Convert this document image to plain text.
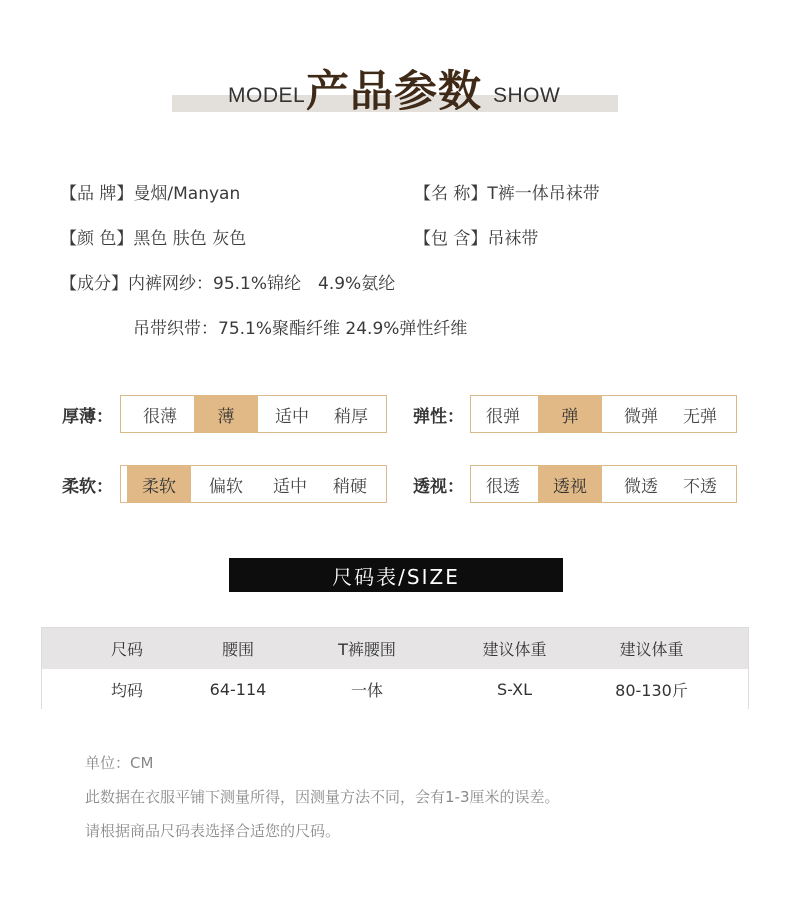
MODEL 产品参数 SHOW
【品 牌】曼烟/Manyan	【名 称】T裤一体吊袜带
【颜 色】黑色 肤色 灰色	【包 含】吊袜带
【成分】内裤网纱：95.1%锦纶　4.9%氨纶
吊带织带：75.1%聚酯纤维 24.9%弹性纤维
厚薄：	很薄	薄	适中	稍厚	弹性：	很弹	弹	微弹	无弹
柔软：	柔软	偏软	适中	稍硬	透视：	很透	透视	微透	不透
尺码表/SIZE
尺码	腰围	T裤腰围	建议体重	建议体重
均码	64-114	一体	S-XL	80-130斤
单位：CM
此数据在衣服平铺下测量所得，因测量方法不同，会有1-3厘米的误差。
请根据商品尺码表选择合适您的尺码。
